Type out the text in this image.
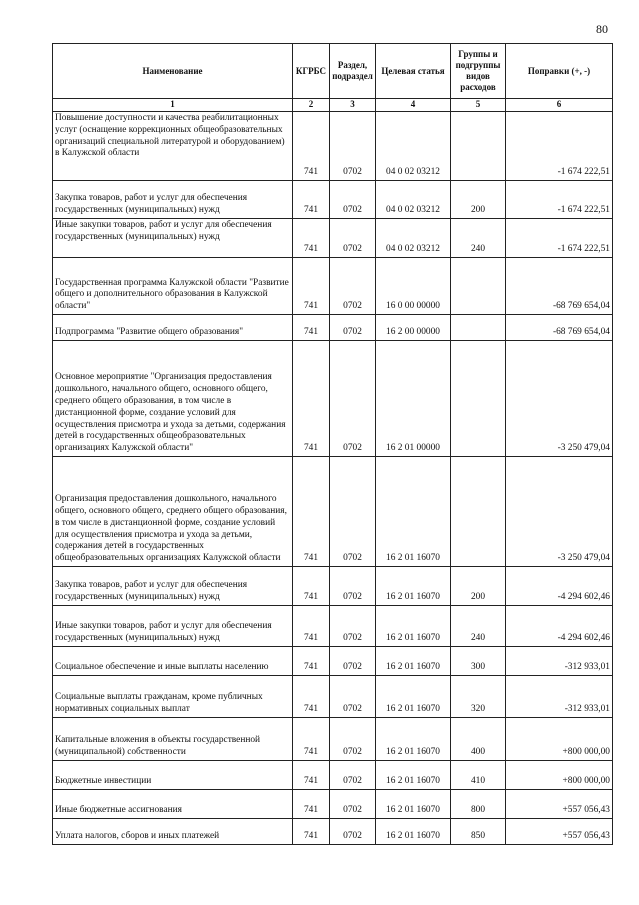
80
Наименование	КГРБС	Раздел, подраздел	Целевая статья	Группы и подгруппы видов расходов	Поправки (+, -)
1	2	3	4	5	6
Повышение доступности и качества реабилитационных услуг (оснащение коррекционных общеобразовательных организаций специальной литературой и оборудованием) в Калужской области	741	0702	04 0 02 03212		-1 674 222,51
Закупка товаров, работ и услуг для обеспечения государственных (муниципальных) нужд	741	0702	04 0 02 03212	200	-1 674 222,51
Иные закупки товаров, работ и услуг для обеспечения государственных (муниципальных) нужд	741	0702	04 0 02 03212	240	-1 674 222,51
Государственная программа Калужской области "Развитие общего и дополнительного образования в Калужской области"	741	0702	16 0 00 00000		-68 769 654,04
Подпрограмма "Развитие общего образования"	741	0702	16 2 00 00000		-68 769 654,04
Основное мероприятие "Организация предоставления дошкольного, начального общего, основного общего, среднего общего образования, в том числе в дистанционной форме, создание условий для осуществления присмотра и ухода за детьми, содержания детей в государственных общеобразовательных организациях Калужской области"	741	0702	16 2 01 00000		-3 250 479,04
Организация предоставления дошкольного, начального общего, основного общего, среднего общего образования, в том числе в дистанционной форме, создание условий для осуществления присмотра и ухода за детьми, содержания детей в государственных общеобразовательных организациях Калужской области	741	0702	16 2 01 16070		-3 250 479,04
Закупка товаров, работ и услуг для обеспечения государственных (муниципальных) нужд	741	0702	16 2 01 16070	200	-4 294 602,46
Иные закупки товаров, работ и услуг для обеспечения государственных (муниципальных) нужд	741	0702	16 2 01 16070	240	-4 294 602,46
Социальное обеспечение и иные выплаты населению	741	0702	16 2 01 16070	300	-312 933,01
Социальные выплаты гражданам, кроме публичных нормативных социальных выплат	741	0702	16 2 01 16070	320	-312 933,01
Капитальные вложения в объекты государственной (муниципальной) собственности	741	0702	16 2 01 16070	400	+800 000,00
Бюджетные инвестиции	741	0702	16 2 01 16070	410	+800 000,00
Иные бюджетные ассигнования	741	0702	16 2 01 16070	800	+557 056,43
Уплата налогов, сборов и иных платежей	741	0702	16 2 01 16070	850	+557 056,43
